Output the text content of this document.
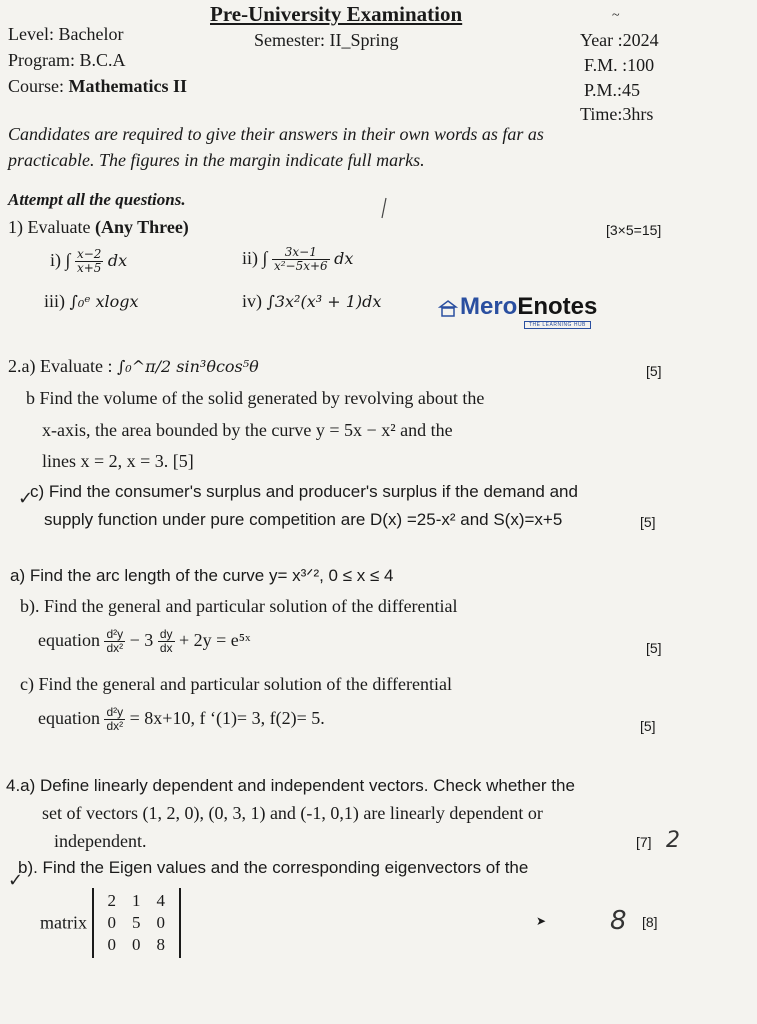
Pre-University Examination	~
Level: Bachelor
Program: B.C.A
Course: Mathematics II
Semester: II_Spring	Year :2024
F.M. :100
P.M.:45
Time:3hrs
Candidates are required to give their answers in their own words as far as
practicable. The figures in the margin indicate full marks.
Attempt all the questions.
1) Evaluate (Any Three)	[3×5=15]
i) ∫ $\frac{x-2}{x+5}$ dx	ii) ∫ $\frac{3x-1}{\text{x²−5x+6}}$ dx
iii) ∫₀ᵉ xlogx	iv) ∫3x²(x³ + 1)dx	MeroEnotes
THE LEARNING HUB
2.a) Evaluate : ∫₀^π/2 sin³θcos⁵θ	[5]
b Find the volume of the solid generated by revolving about the
x-axis, the area bounded by the curve y = 5x − x² and the
lines x = 2, x = 3. [5]
✓
c) Find the consumer's surplus and producer's surplus if the demand and
supply function under pure competition are D(x) =25-x² and S(x)=x+5	[5]
a) Find the arc length of the curve y= x³ᐟ², 0 ≤ x ≤ 4
b). Find the general and particular solution of the differential
equation $\frac{\text{d²y}}{\text{dx²}} - 3 \frac{dy}{dx} + 2y$ = e⁵ˣ	[5]
c) Find the general and particular solution of the differential
equation $\frac{\text{d²y}}{\text{dx²}} = 8x+10$, f ‘(1)= 3, f(2)= 5.	[5]
4.a) Define linearly dependent and independent vectors. Check whether the
set of vectors (1, 2, 0), (0, 3, 1) and (-1, 0,1) are linearly dependent or
independent.	[7] 2
✓
b). Find the Eigen values and the corresponding eigenvectors of the
matrix
2	1	4
0	5	0
0	0	8
➤ 8 [8]
